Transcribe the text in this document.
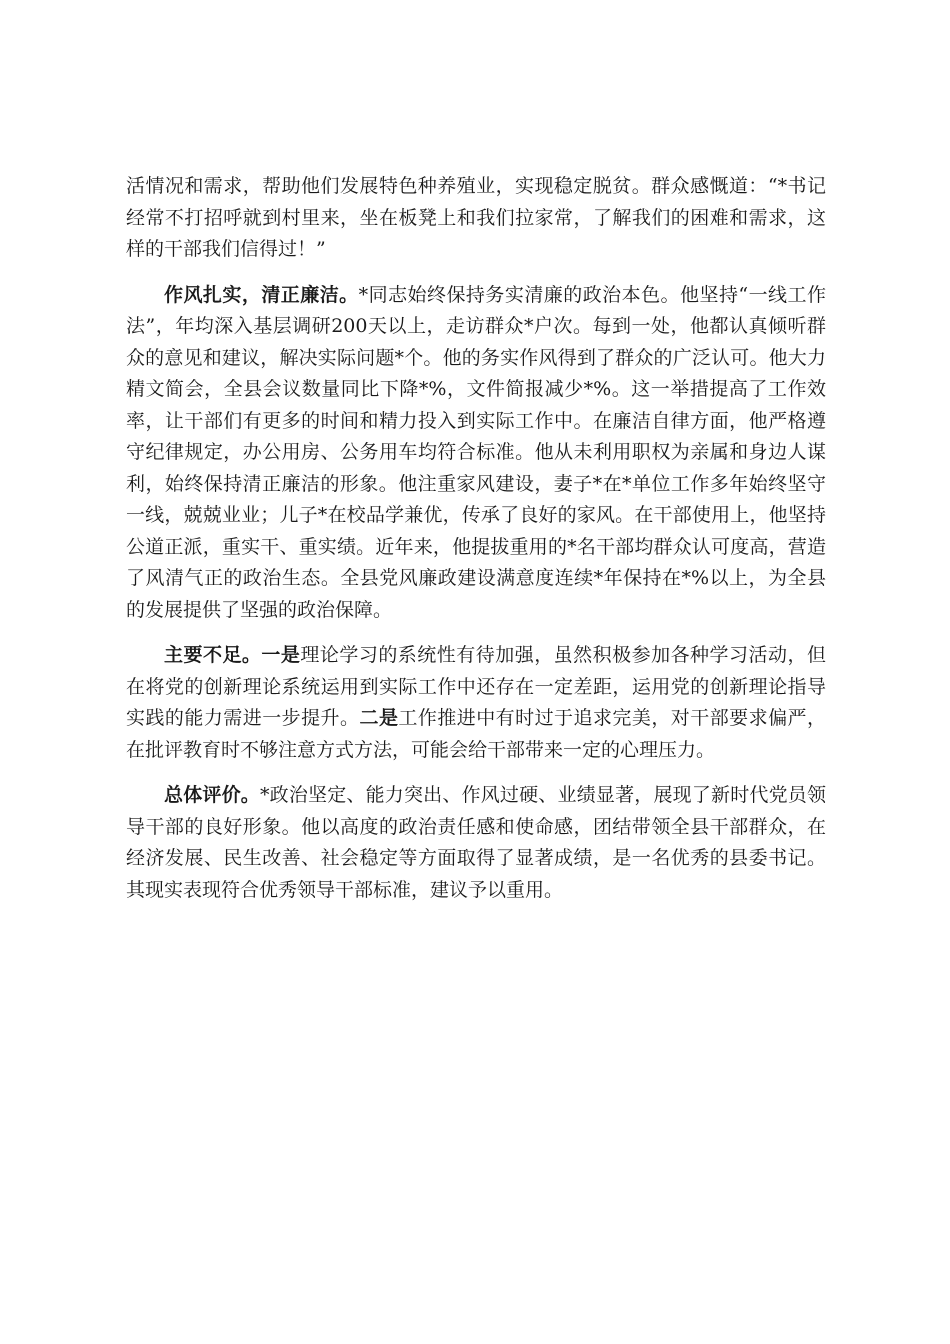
活情况和需求，帮助他们发展特色种养殖业，实现稳定脱贫。群众感慨道：“*书记经常不打招呼就到村里来，坐在板凳上和我们拉家常，了解我们的困难和需求，这样的干部我们信得过！”

作风扎实，清正廉洁。*同志始终保持务实清廉的政治本色。他坚持“一线工作法”，年均深入基层调研200天以上，走访群众*户次。每到一处，他都认真倾听群众的意见和建议，解决实际问题*个。他的务实作风得到了群众的广泛认可。他大力精文简会，全县会议数量同比下降*%，文件简报减少*%。这一举措提高了工作效率，让干部们有更多的时间和精力投入到实际工作中。在廉洁自律方面，他严格遵守纪律规定，办公用房、公务用车均符合标准。他从未利用职权为亲属和身边人谋利，始终保持清正廉洁的形象。他注重家风建设，妻子*在*单位工作多年始终坚守一线，兢兢业业；儿子*在校品学兼优，传承了良好的家风。在干部使用上，他坚持公道正派，重实干、重实绩。近年来，他提拔重用的*名干部均群众认可度高，营造了风清气正的政治生态。全县党风廉政建设满意度连续*年保持在*%以上，为全县的发展提供了坚强的政治保障。

主要不足。一是理论学习的系统性有待加强，虽然积极参加各种学习活动，但在将党的创新理论系统运用到实际工作中还存在一定差距，运用党的创新理论指导实践的能力需进一步提升。二是工作推进中有时过于追求完美，对干部要求偏严，在批评教育时不够注意方式方法，可能会给干部带来一定的心理压力。

总体评价。*政治坚定、能力突出、作风过硬、业绩显著，展现了新时代党员领导干部的良好形象。他以高度的政治责任感和使命感，团结带领全县干部群众，在经济发展、民生改善、社会稳定等方面取得了显著成绩，是一名优秀的县委书记。其现实表现符合优秀领导干部标准，建议予以重用。
